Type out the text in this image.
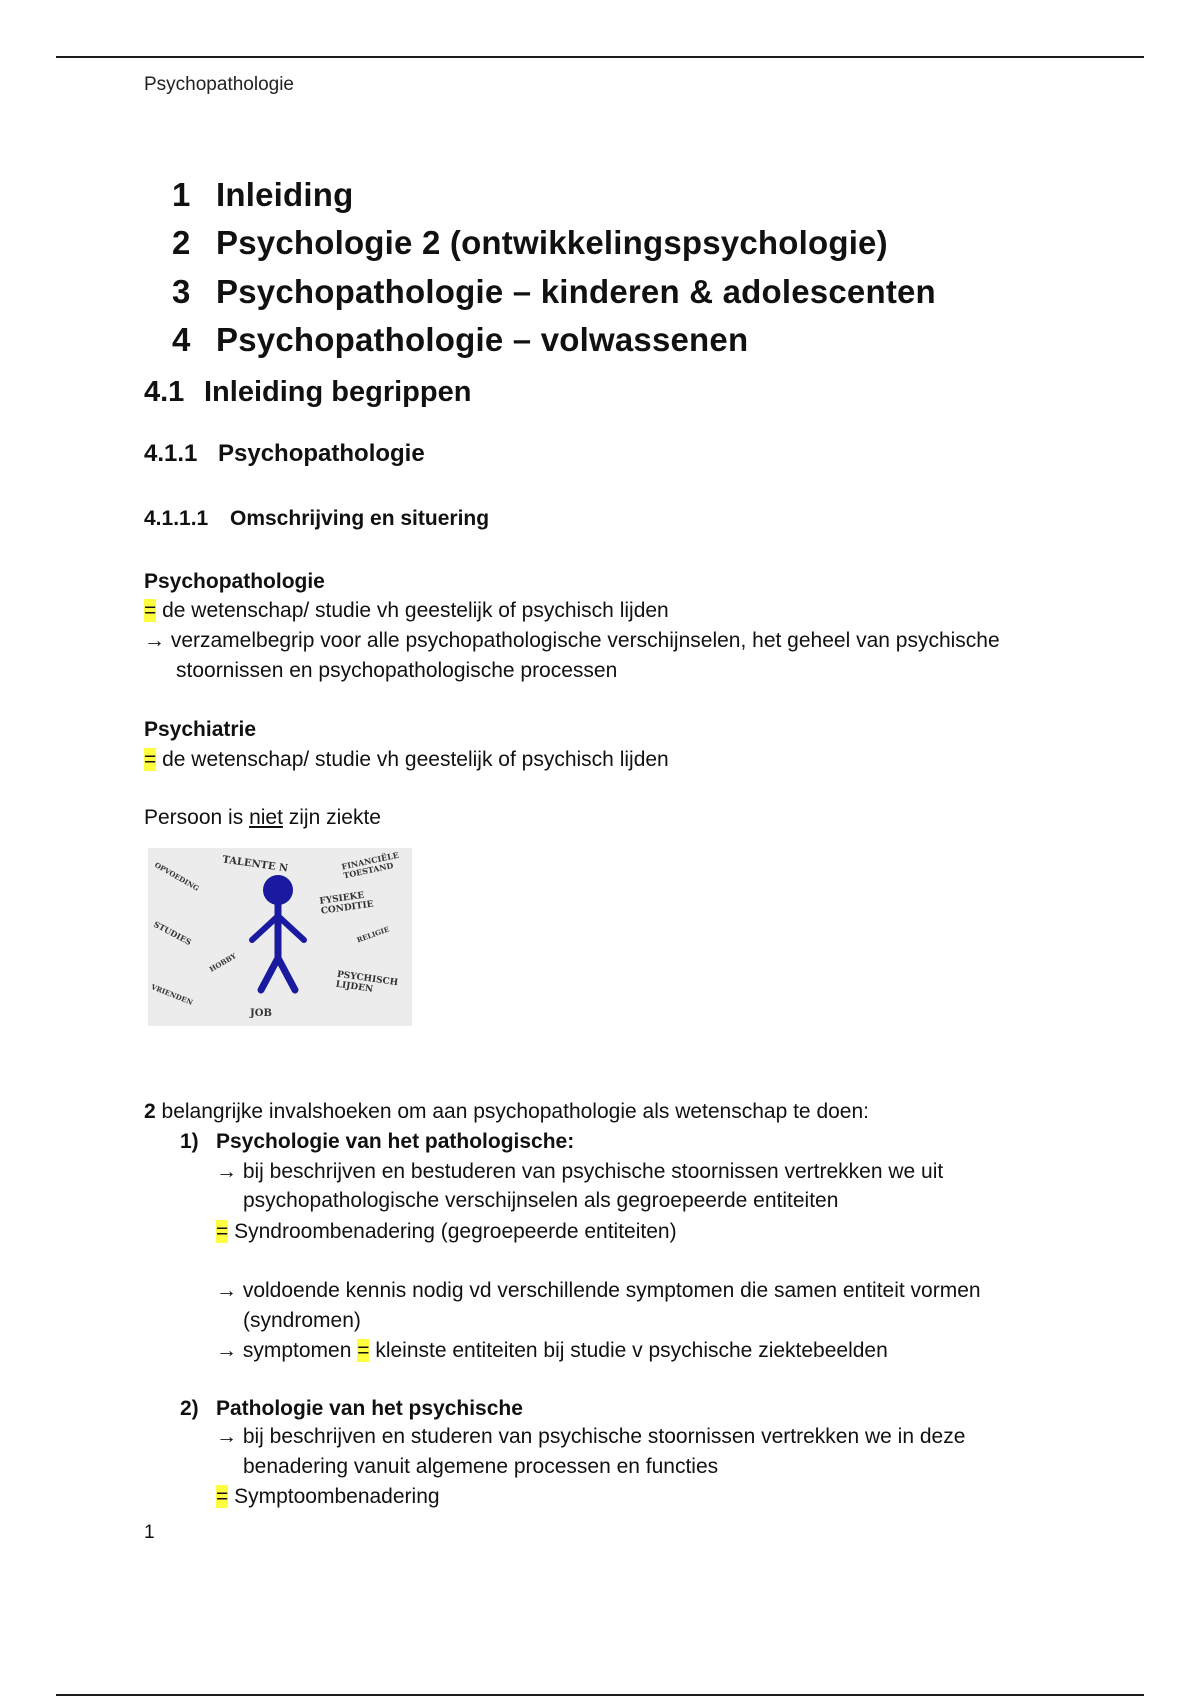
Psychopathologie
1 Inleiding
2 Psychologie 2 (ontwikkelingspsychologie)
3 Psychopathologie – kinderen & adolescenten
4 Psychopathologie – volwassenen
4.1 Inleiding begrippen
4.1.1 Psychopathologie
4.1.1.1 Omschrijving en situering
Psychopathologie
= de wetenschap/ studie vh geestelijk of psychisch lijden
→ verzamelbegrip voor alle psychopathologische verschijnselen, het geheel van psychische
stoornissen en psychopathologische processen
Psychiatrie
= de wetenschap/ studie vh geestelijk of psychisch lijden
Persoon is niet zijn ziekte
TALENTE N	FINANCIËLE TOESTAND
FYSIEKE CONDITIE
STUDIES
PSYCHISCH LIJDEN
JOB
OPVOEDING
VRIENDEN
HOBBY
RELIGIE
2 belangrijke invalshoeken om aan psychopathologie als wetenschap te doen:
1) Psychologie van het pathologische:
→ bij beschrijven en bestuderen van psychische stoornissen vertrekken we uit
psychopathologische verschijnselen als gegroepeerde entiteiten
= Syndroombenadering (gegroepeerde entiteiten)
→ voldoende kennis nodig vd verschillende symptomen die samen entiteit vormen
(syndromen)
→ symptomen = kleinste entiteiten bij studie v psychische ziektebeelden
2) Pathologie van het psychische
→ bij beschrijven en studeren van psychische stoornissen vertrekken we in deze
benadering vanuit algemene processen en functies
= Symptoombenadering
1
